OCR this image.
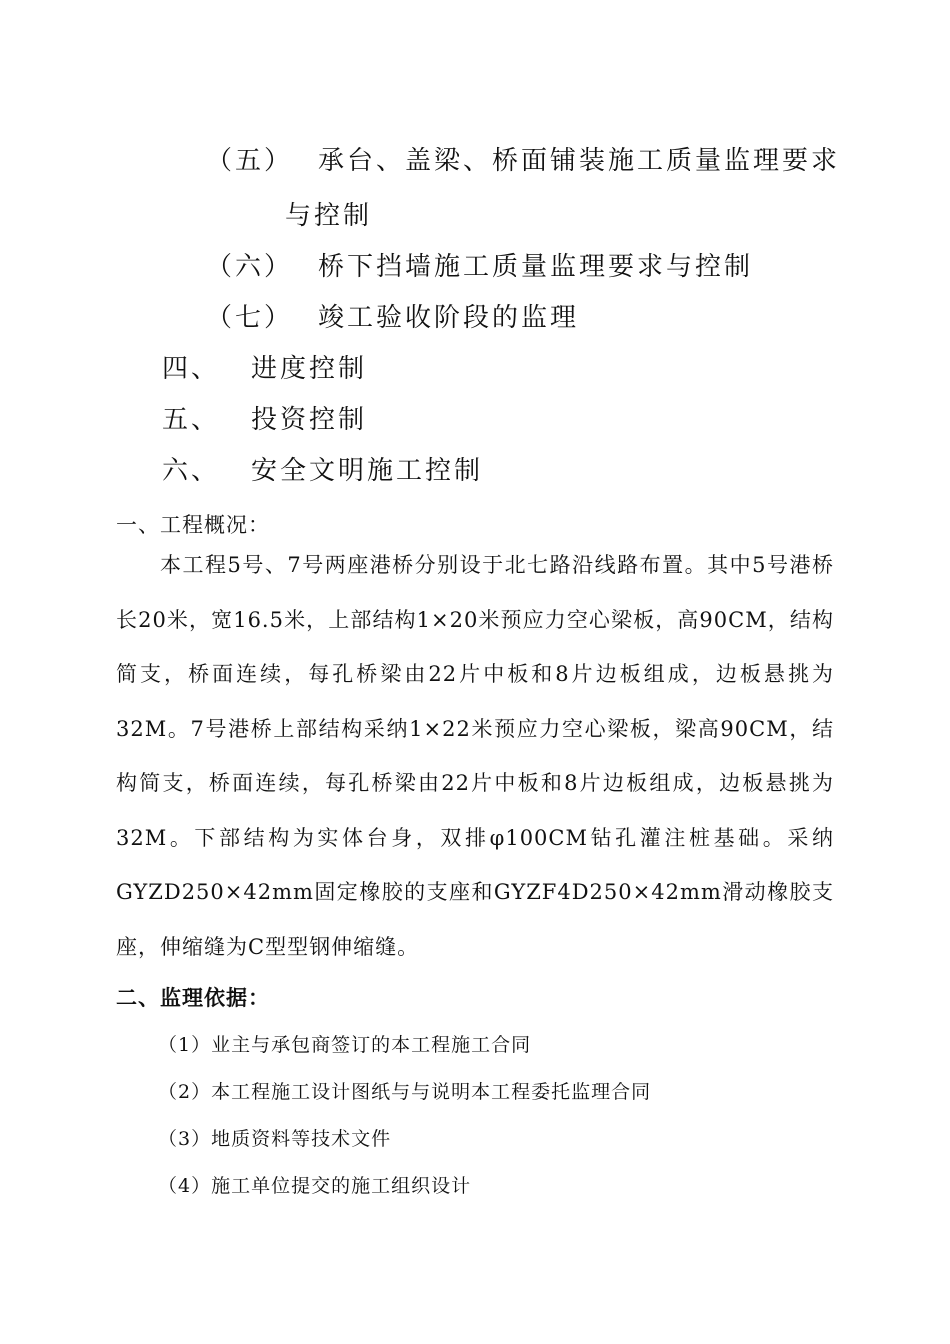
（五） 承台、盖梁、桥面铺装施工质量监理要求
与控制
（六） 桥下挡墙施工质量监理要求与控制
（七） 竣工验收阶段的监理
四、 进度控制
五、 投资控制
六、 安全文明施工控制
一、工程概况：

本工程5号、7号两座港桥分别设于北七路沿线路布置。其中5号港桥长20米，宽16.5米，上部结构1×20米预应力空心梁板，高90CM，结构简支，桥面连续，每孔桥梁由22片中板和8片边板组成，边板悬挑为32M。7号港桥上部结构采纳1×22米预应力空心梁板，梁高90CM，结构简支，桥面连续，每孔桥梁由22片中板和8片边板组成，边板悬挑为32M。下部结构为实体台身，双排φ100CM钻孔灌注桩基础。采纳GYZD250×42mm固定橡胶的支座和GYZF4D250×42mm滑动橡胶支座，伸缩缝为C型型钢伸缩缝。

二、监理依据：
（1）业主与承包商签订的本工程施工合同
（2）本工程施工设计图纸与与说明本工程委托监理合同
（3）地质资料等技术文件
（4）施工单位提交的施工组织设计
